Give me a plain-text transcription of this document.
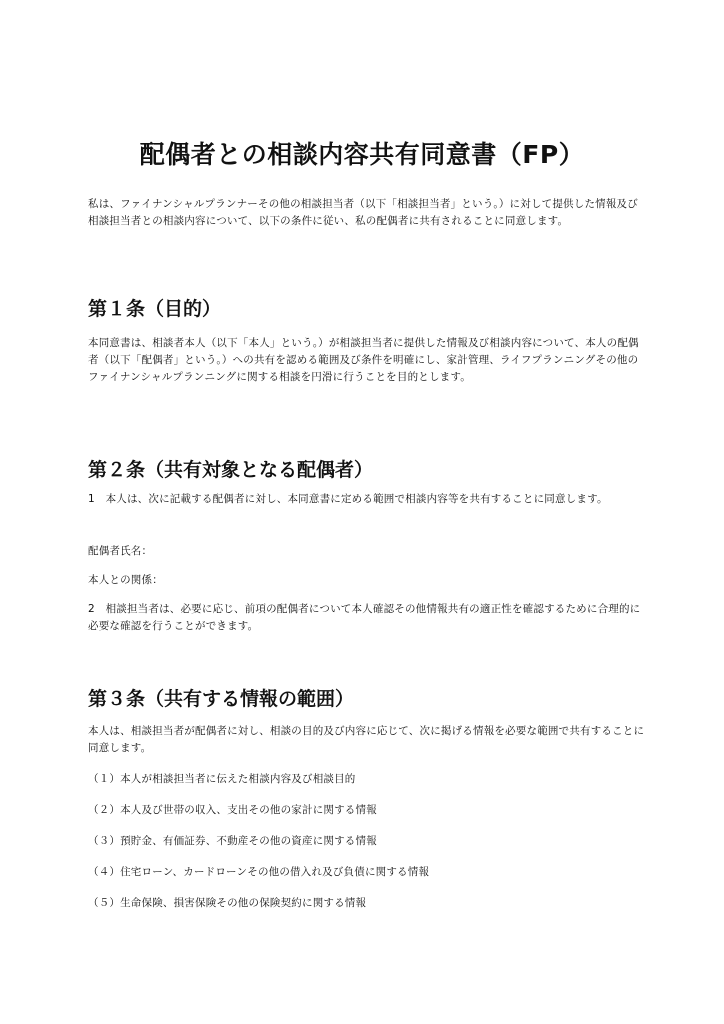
配偶者との相談内容共有同意書（FP）

私は、ファイナンシャルプランナーその他の相談担当者（以下「相談担当者」という。）に対して提供した情報及び相談担当者との相談内容について、以下の条件に従い、私の配偶者に共有されることに同意します。

第１条（目的）

本同意書は、相談者本人（以下「本人」という。）が相談担当者に提供した情報及び相談内容について、本人の配偶者（以下「配偶者」という。）への共有を認める範囲及び条件を明確にし、家計管理、ライフプランニングその他のファイナンシャルプランニングに関する相談を円滑に行うことを目的とします。

第２条（共有対象となる配偶者）

1　本人は、次に記載する配偶者に対し、本同意書に定める範囲で相談内容等を共有することに同意します。

配偶者氏名：

本人との関係：

2　相談担当者は、必要に応じ、前項の配偶者について本人確認その他情報共有の適正性を確認するために合理的に必要な確認を行うことができます。

第３条（共有する情報の範囲）

本人は、相談担当者が配偶者に対し、相談の目的及び内容に応じて、次に掲げる情報を必要な範囲で共有することに同意します。

（１）本人が相談担当者に伝えた相談内容及び相談目的

（２）本人及び世帯の収入、支出その他の家計に関する情報

（３）預貯金、有価証券、不動産その他の資産に関する情報

（４）住宅ローン、カードローンその他の借入れ及び負債に関する情報

（５）生命保険、損害保険その他の保険契約に関する情報
